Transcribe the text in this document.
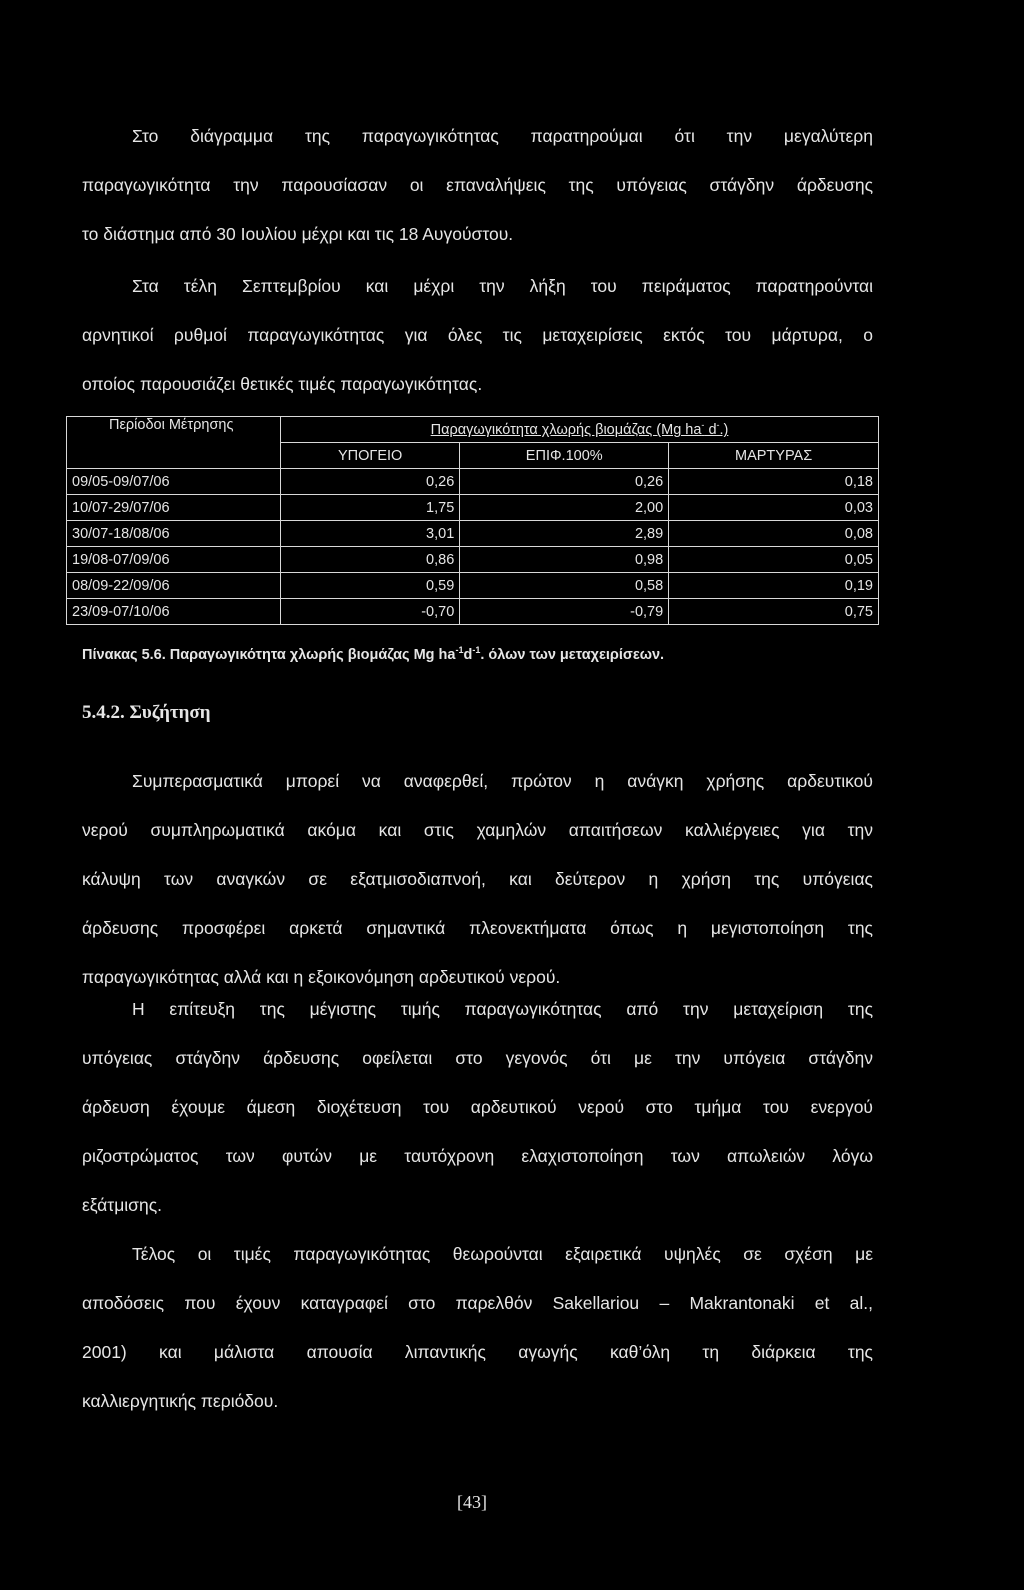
Στο διάγραμμα της παραγωγικότητας παρατηρούμαι ότι την μεγαλύτερη
παραγωγικότητα την παρουσίασαν οι επαναλήψεις της υπόγειας στάγδην άρδευσης
το διάστημα από 30 Ιουλίου μέχρι και τις 18 Αυγούστου.
Στα τέλη Σεπτεμβρίου και μέχρι την λήξη του πειράματος παρατηρούνται
αρνητικοί ρυθμοί παραγωγικότητας για όλες τις μεταχειρίσεις εκτός του μάρτυρα, ο
οποίος παρουσιάζει θετικές τιμές παραγωγικότητας.
Περίοδοι Μέτρησης	Παραγωγικότητα χλωρής βιομάζας (Mg ha- d-.)		
	ΥΠΟΓΕΙΟ	ΕΠΙΦ.100%	ΜΑΡΤΥΡΑΣ
09/05-09/07/06	0,26	0,26	0,18
10/07-29/07/06	1,75	2,00	0,03
30/07-18/08/06	3,01	2,89	0,08
19/08-07/09/06	0,86	0,98	0,05
08/09-22/09/06	0,59	0,58	0,19
23/09-07/10/06	-0,70	-0,79	0,75
Πίνακας 5.6. Παραγωγικότητα χλωρής βιομάζας Mg $ha^{-1}d^{-1}$. όλων των μεταχειρίσεων.
5.4.2. Συζήτηση
Συμπερασματικά μπορεί να αναφερθεί, πρώτον η ανάγκη χρήσης αρδευτικού
νερού συμπληρωματικά ακόμα και στις χαμηλών απαιτήσεων καλλιέργειες για την
κάλυψη των αναγκών σε εξατμισοδιαπνοή, και δεύτερον η χρήση της υπόγειας
άρδευσης προσφέρει αρκετά σημαντικά πλεονεκτήματα όπως η μεγιστοποίηση της
παραγωγικότητας αλλά και η εξοικονόμηση αρδευτικού νερού.
Η επίτευξη της μέγιστης τιμής παραγωγικότητας από την μεταχείριση της
υπόγειας στάγδην άρδευσης οφείλεται στο γεγονός ότι με την υπόγεια στάγδην
άρδευση έχουμε άμεση διοχέτευση του αρδευτικού νερού στο τμήμα του ενεργού
ριζοστρώματος των φυτών με ταυτόχρονη ελαχιστοποίηση των απωλειών λόγω
εξάτμισης.
Τέλος οι τιμές παραγωγικότητας θεωρούνται εξαιρετικά υψηλές σε σχέση με
αποδόσεις που έχουν καταγραφεί στο παρελθόν Sakellariou – Makrantonaki et al.,
2001) και μάλιστα απουσία λιπαντικής αγωγής καθ’όλη τη διάρκεια της
καλλιεργητικής περιόδου.
[43]
